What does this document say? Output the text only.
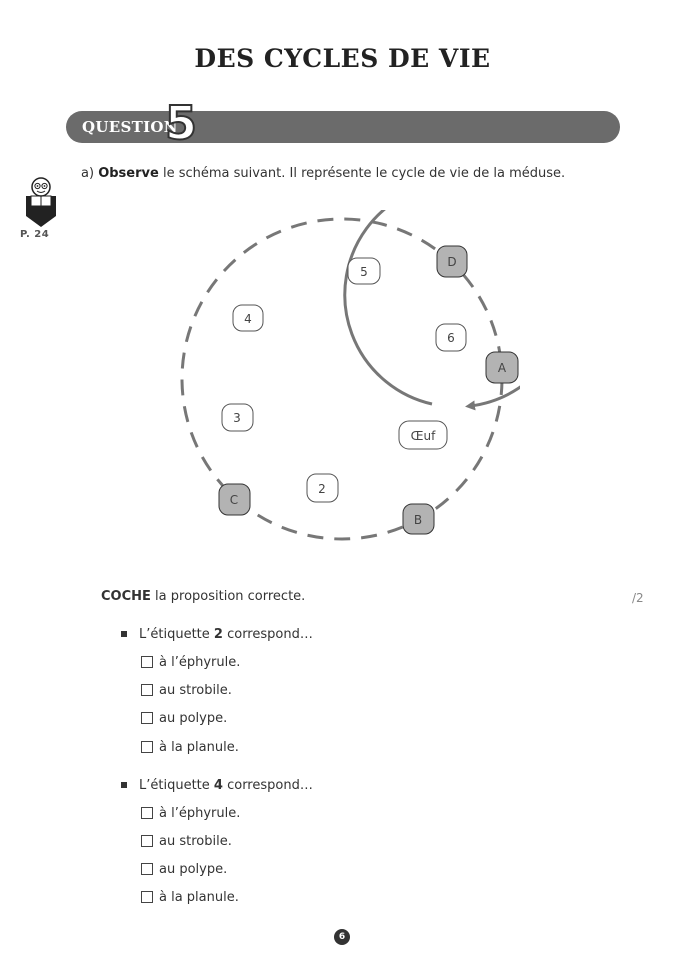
DES CYCLES DE VIE
QUESTION
5
P. 24
a) Observe le schéma suivant. Il représente le cycle de vie de la méduse.
5
4
6
3
Œuf
2
D
A
C
B
COCHE la proposition correcte.	/2
L’étiquette 2 correspond…
à l’éphyrule.
au strobile.
au polype.
à la planule.
L’étiquette 4 correspond…
à l’éphyrule.
au strobile.
au polype.
à la planule.
6
